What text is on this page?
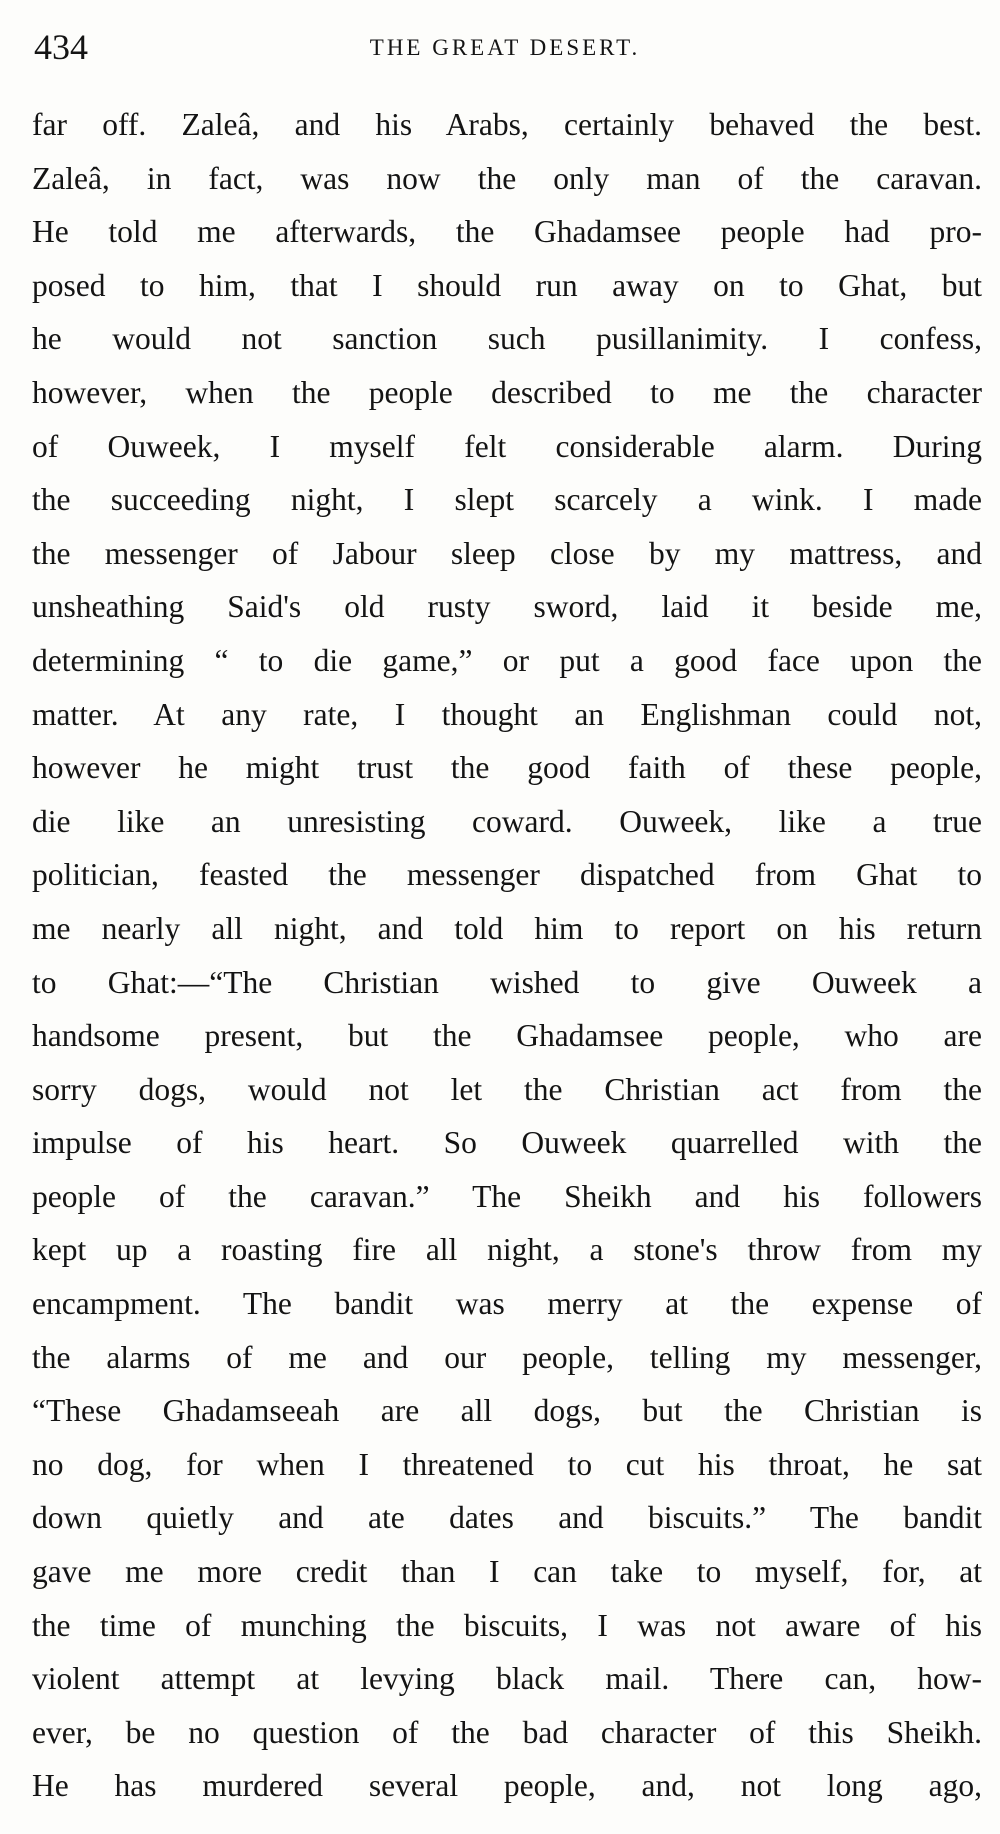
434	THE GREAT DESERT.
far off. Zaleâ, and his Arabs, certainly behaved the best.
Zaleâ, in fact, was now the only man of the caravan.
He told me afterwards, the Ghadamsee people had pro-
posed to him, that I should run away on to Ghat, but
he would not sanction such pusillanimity. I confess,
however, when the people described to me the character
of Ouweek, I myself felt considerable alarm. During
the succeeding night, I slept scarcely a wink. I made
the messenger of Jabour sleep close by my mattress, and
unsheathing Said's old rusty sword, laid it beside me,
determining “ to die game,” or put a good face upon the
matter. At any rate, I thought an Englishman could not,
however he might trust the good faith of these people,
die like an unresisting coward. Ouweek, like a true
politician, feasted the messenger dispatched from Ghat to
me nearly all night, and told him to report on his return
to Ghat:—“The Christian wished to give Ouweek a
handsome present, but the Ghadamsee people, who are
sorry dogs, would not let the Christian act from the
impulse of his heart. So Ouweek quarrelled with the
people of the caravan.” The Sheikh and his followers
kept up a roasting fire all night, a stone's throw from my
encampment. The bandit was merry at the expense of
the alarms of me and our people, telling my messenger,
“These Ghadamseeah are all dogs, but the Christian is
no dog, for when I threatened to cut his throat, he sat
down quietly and ate dates and biscuits.” The bandit
gave me more credit than I can take to myself, for, at
the time of munching the biscuits, I was not aware of his
violent attempt at levying black mail. There can, how-
ever, be no question of the bad character of this Sheikh.
He has murdered several people, and, not long ago,
